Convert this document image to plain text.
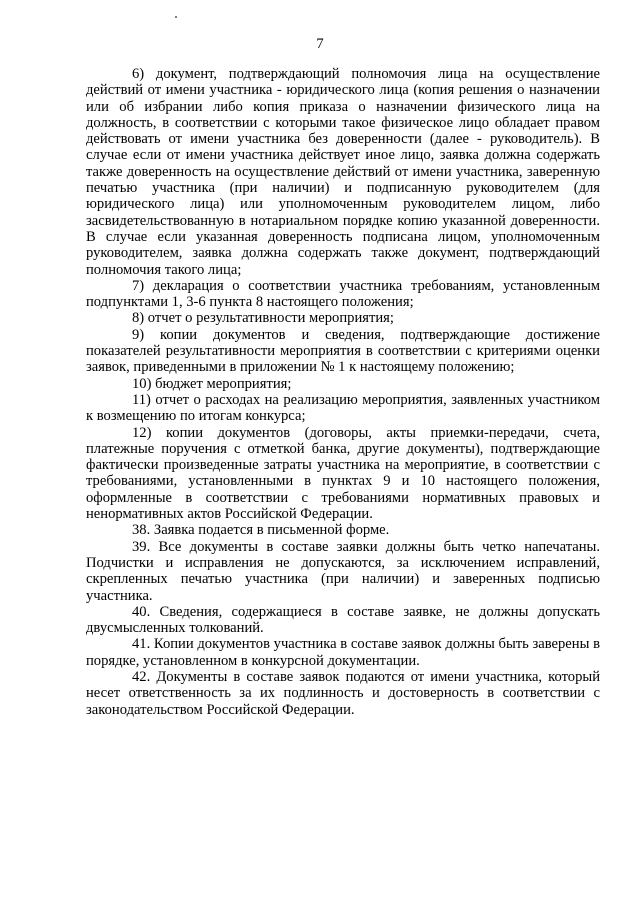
7

6) документ, подтверждающий полномочия лица на осуществление действий от имени участника - юридического лица (копия решения о назначении или об избрании либо копия приказа о назначении физического лица на должность, в соответствии с которыми такое физическое лицо обладает правом действовать от имени участника без доверенности (далее - руководитель). В случае если от имени участника действует иное лицо, заявка должна содержать также доверенность на осуществление действий от имени участника, заверенную печатью участника (при наличии) и подписанную руководителем (для юридического лица) или уполномоченным руководителем лицом, либо засвидетельствованную в нотариальном порядке копию указанной доверенности. В случае если указанная доверенность подписана лицом, уполномоченным руководителем, заявка должна содержать также документ, подтверждающий полномочия такого лица;

7) декларация о соответствии участника требованиям, установленным подпунктами 1, 3-6 пункта 8 настоящего положения;

8) отчет о результативности мероприятия;

9) копии документов и сведения, подтверждающие достижение показателей результативности мероприятия в соответствии с критериями оценки заявок, приведенными в приложении № 1 к настоящему положению;

10) бюджет мероприятия;

11) отчет о расходах на реализацию мероприятия, заявленных участником к возмещению по итогам конкурса;

12) копии документов (договоры, акты приемки-передачи, счета, платежные поручения с отметкой банка, другие документы), подтверждающие фактически произведенные затраты участника на мероприятие, в соответствии с требованиями, установленными в пунктах 9 и 10 настоящего положения, оформленные в соответствии с требованиями нормативных правовых и ненормативных актов Российской Федерации.

38. Заявка подается в письменной форме.

39. Все документы в составе заявки должны быть четко напечатаны. Подчистки и исправления не допускаются, за исключением исправлений, скрепленных печатью участника (при наличии) и заверенных подписью участника.

40. Сведения, содержащиеся в составе заявке, не должны допускать двусмысленных толкований.

41. Копии документов участника в составе заявок должны быть заверены в порядке, установленном в конкурсной документации.

42. Документы в составе заявок подаются от имени участника, который несет ответственность за их подлинность и достоверность в соответствии с законодательством Российской Федерации.
